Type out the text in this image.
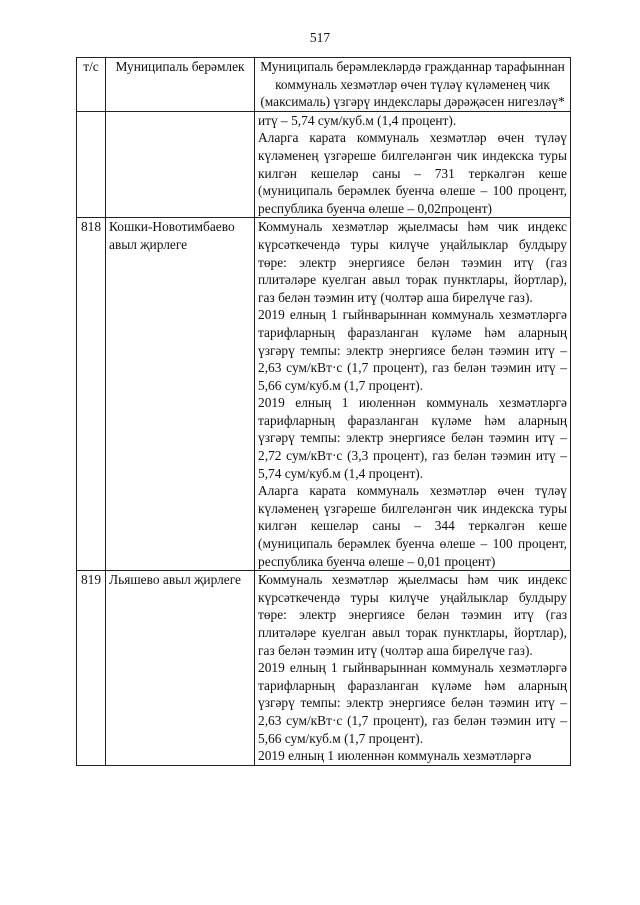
517
т/с	Муниципаль берәмлек	Муниципаль берәмлекләрдә гражданнар тарафыннан коммуналь хезмәтләр өчен түләү күләменең чик (максималь) үзгәрү индекслары дәрәҗәсен нигезләү*

		итү – 5,74 сум/куб.м (1,4 процент).

Аларга карата коммуналь хезмәтләр өчен түләү күләменең үзгәреше билгеләнгән чик индекска туры килгән кешеләр саны – 731 теркәлгән кеше (муниципаль берәмлек буенча өлеше – 100 процент, республика буенча өлеше – 0,02процент)

818	Кошки-Новотимбаево авыл җирлеге	Коммуналь хезмәтләр җыелмасы һәм чик индекс күрсәткечендә туры килүче уңайлыклар булдыру төре: электр энергиясе белән тәэмин итү (газ плитәләре куелган авыл торак пунктлары, йортлар), газ белән тәэмин итү (чолтәр аша бирелүче газ).

2019 елның 1 гыйнварыннан коммуналь хезмәтләргә тарифларның фаразланган күләме һәм аларның үзгәрү темпы: электр энергиясе белән тәэмин итү – 2,63 сум/кВт·с (1,7 процент), газ белән тәэмин итү – 5,66 сум/куб.м (1,7 процент).

2019 елның 1 июленнән коммуналь хезмәтләргә тарифларның фаразланган күләме һәм аларның үзгәрү темпы: электр энергиясе белән тәэмин итү – 2,72 сум/кВт·с (3,3 процент), газ белән тәэмин итү – 5,74 сум/куб.м (1,4 процент).

Аларга карата коммуналь хезмәтләр өчен түләү күләменең үзгәреше билгеләнгән чик индекска туры килгән кешеләр саны – 344 теркәлгән кеше (муниципаль берәмлек буенча өлеше – 100 процент, республика буенча өлеше – 0,01 процент)

819	Льяшево авыл җирлеге	Коммуналь хезмәтләр җыелмасы һәм чик индекс күрсәткечендә туры килүче уңайлыклар булдыру төре: электр энергиясе белән тәэмин итү (газ плитәләре куелган авыл торак пунктлары, йортлар), газ белән тәэмин итү (чолтәр аша бирелүче газ).

2019 елның 1 гыйнварыннан коммуналь хезмәтләргә тарифларның фаразланган күләме һәм аларның үзгәрү темпы: электр энергиясе белән тәэмин итү – 2,63 сум/кВт·с (1,7 процент), газ белән тәэмин итү – 5,66 сум/куб.м (1,7 процент).

2019 елның 1 июленнән коммуналь хезмәтләргә
